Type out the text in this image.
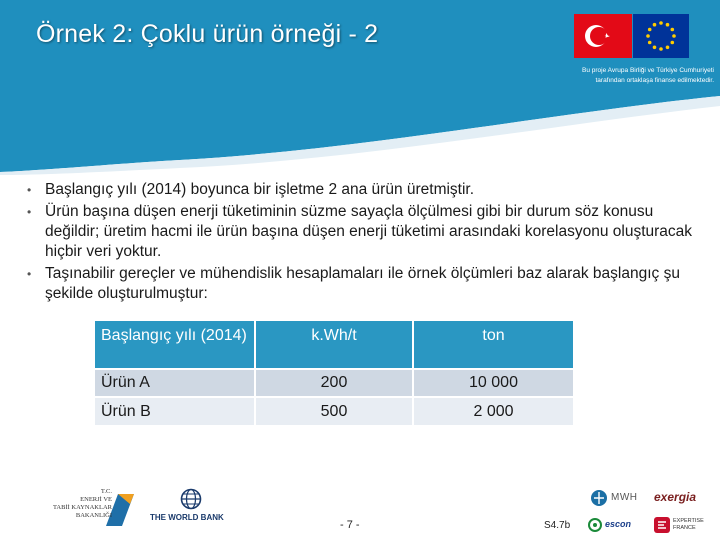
Örnek 2: Çoklu ürün örneği - 2
Bu proje Avrupa Birliği ve Türkiye Cumhuriyeti
tarafından ortaklaşa finanse edilmektedir.
• Başlangıç yılı (2014) boyunca bir işletme 2 ana ürün üretmiştir.
• Ürün başına düşen enerji tüketiminin süzme sayaçla ölçülmesi gibi bir durum söz konusu değildir; üretim hacmi ile ürün başına düşen enerji tüketimi arasındaki korelasyonu oluşturacak hiçbir veri yoktur.
• Taşınabilir gereçler ve mühendislik hesaplamaları ile örnek ölçümleri baz alarak başlangıç şu şekilde oluşturulmuştur:
Başlangıç yılı (2014)	k.Wh/t	ton
Ürün A	200	10 000
Ürün B	500	2 000
T.C.
ENERJİ VE
TABİİ KAYNAKLAR
BAKANLIĞI	THE WORLD BANK
- 7 -	S4.7b
MWH exergia
escon	EXPERTISE FRANCE
